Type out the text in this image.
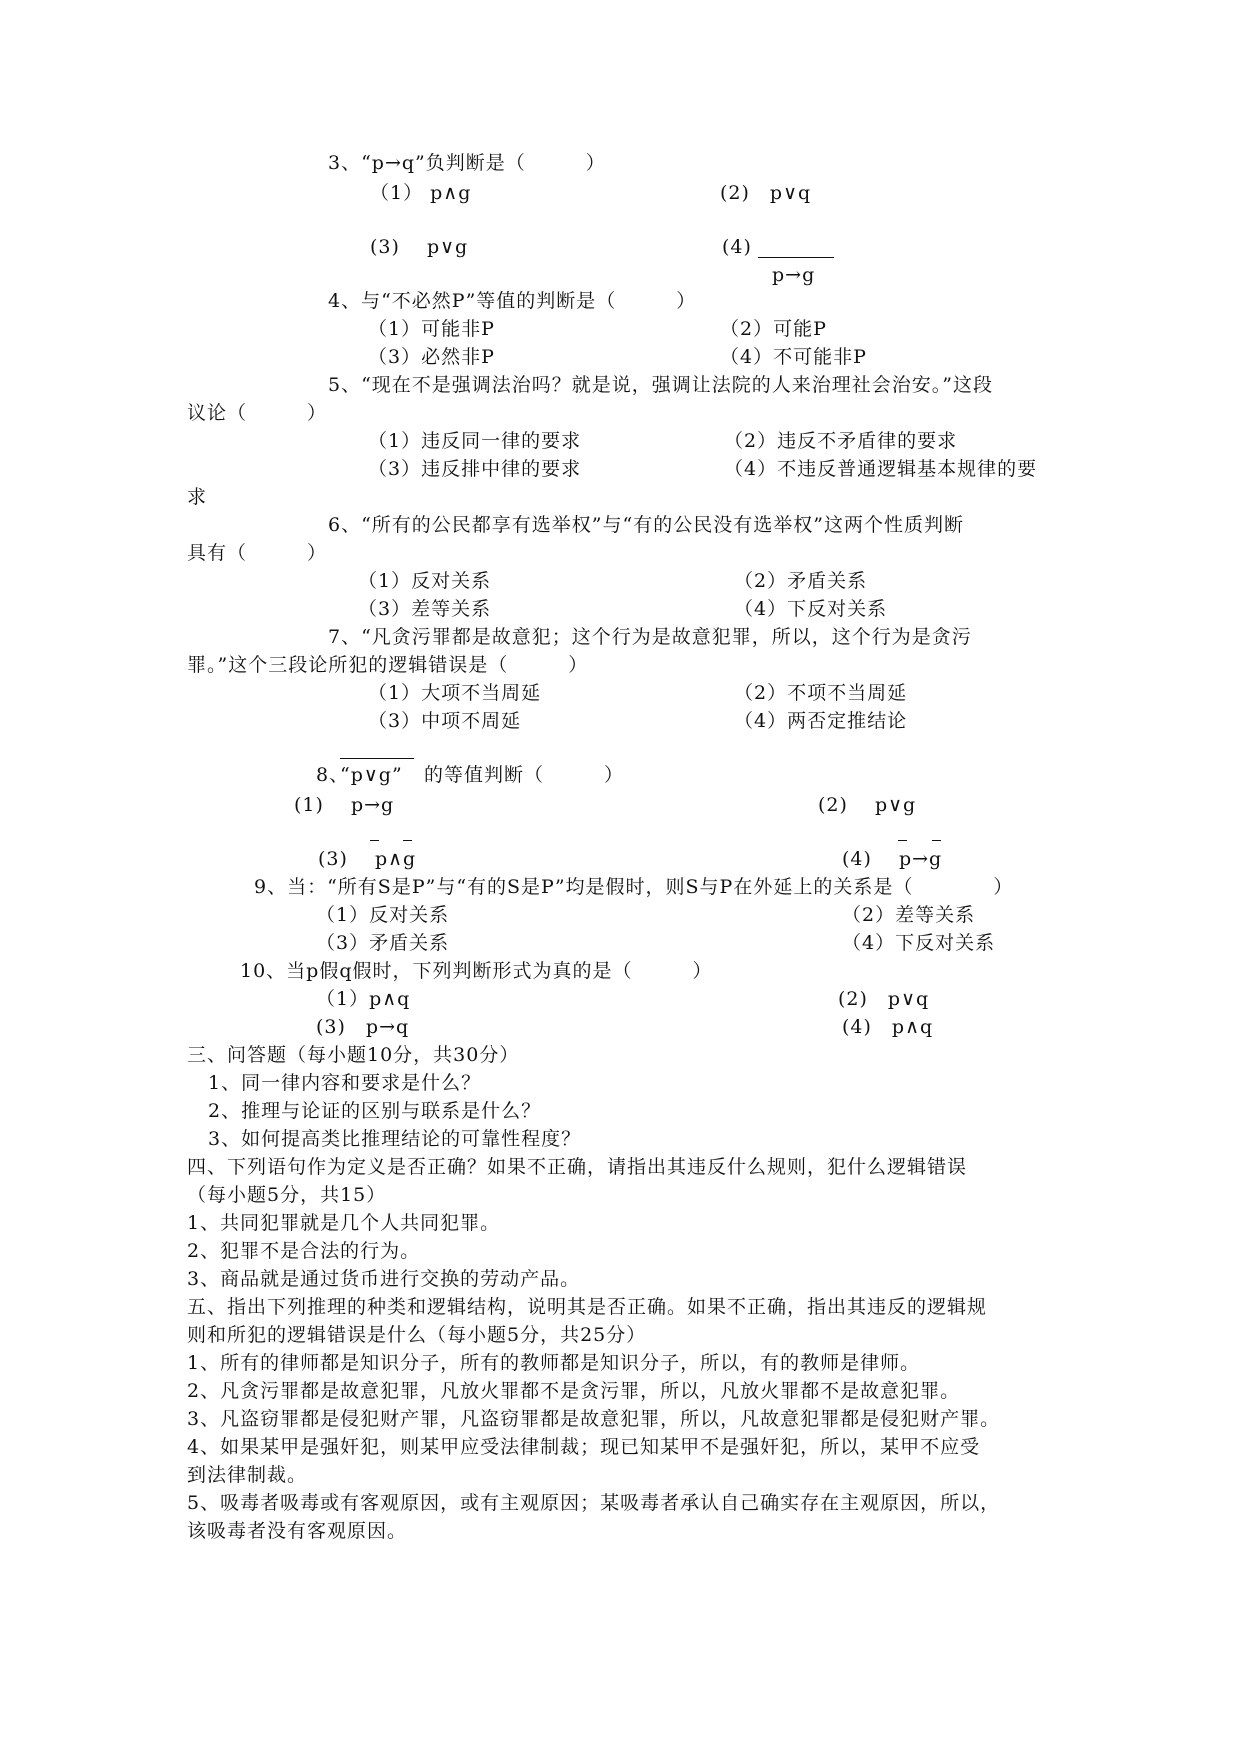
3、“p→q”负判断是（　　　）
（1） p∧g	(2)　p∨q
(3)　 p∨g	(4)
p→g
4、与“不必然P”等值的判断是（　　　）
（1）可能非P	（2）可能P
（3）必然非P	（4）不可能非P
5、“现在不是强调法治吗？就是说，强调让法院的人来治理社会治安。”这段
议论（　　　）
（1）违反同一律的要求	（2）违反不矛盾律的要求
（3）违反排中律的要求	（4）不违反普通逻辑基本规律的要
求
6、“所有的公民都享有选举权”与“有的公民没有选举权”这两个性质判断
具有（　　　）
（1）反对关系	（2）矛盾关系
（3）差等关系	（4）下反对关系
7、“凡贪污罪都是故意犯；这个行为是故意犯罪，所以，这个行为是贪污
罪。”这个三段论所犯的逻辑错误是（　　　）
（1）大项不当周延	（2）不项不当周延
（3）中项不周延	（4）两否定推结论
8、
“p∨g” 的等值判断（　　　）
(1)　 p→g	(2)　 p∨g
(3)　 p∧g	(4)　 p→g
9、当：“所有S是P”与“有的S是P”均是假时，则S与P在外延上的关系是（　　　　）
（1）反对关系	（2）差等关系
（3）矛盾关系	（4）下反对关系
10、当p假q假时，下列判断形式为真的是（　　　）
（1）p∧q	(2)　p∨q
(3)　p→q	(4)　p∧q
三、问答题（每小题10分，共30分）
1、同一律内容和要求是什么？
2、推理与论证的区别与联系是什么？
3、如何提高类比推理结论的可靠性程度？
四、下列语句作为定义是否正确？如果不正确，请指出其违反什么规则，犯什么逻辑错误
（每小题5分，共15）
1、共同犯罪就是几个人共同犯罪。
2、犯罪不是合法的行为。
3、商品就是通过货币进行交换的劳动产品。
五、指出下列推理的种类和逻辑结构，说明其是否正确。如果不正确，指出其违反的逻辑规
则和所犯的逻辑错误是什么（每小题5分，共25分）
1、所有的律师都是知识分子，所有的教师都是知识分子，所以，有的教师是律师。
2、凡贪污罪都是故意犯罪，凡放火罪都不是贪污罪，所以，凡放火罪都不是故意犯罪。
3、凡盗窃罪都是侵犯财产罪，凡盗窃罪都是故意犯罪，所以，凡故意犯罪都是侵犯财产罪。
4、如果某甲是强奸犯，则某甲应受法律制裁；现已知某甲不是强奸犯，所以，某甲不应受
到法律制裁。
5、吸毒者吸毒或有客观原因，或有主观原因；某吸毒者承认自己确实存在主观原因，所以，
该吸毒者没有客观原因。
